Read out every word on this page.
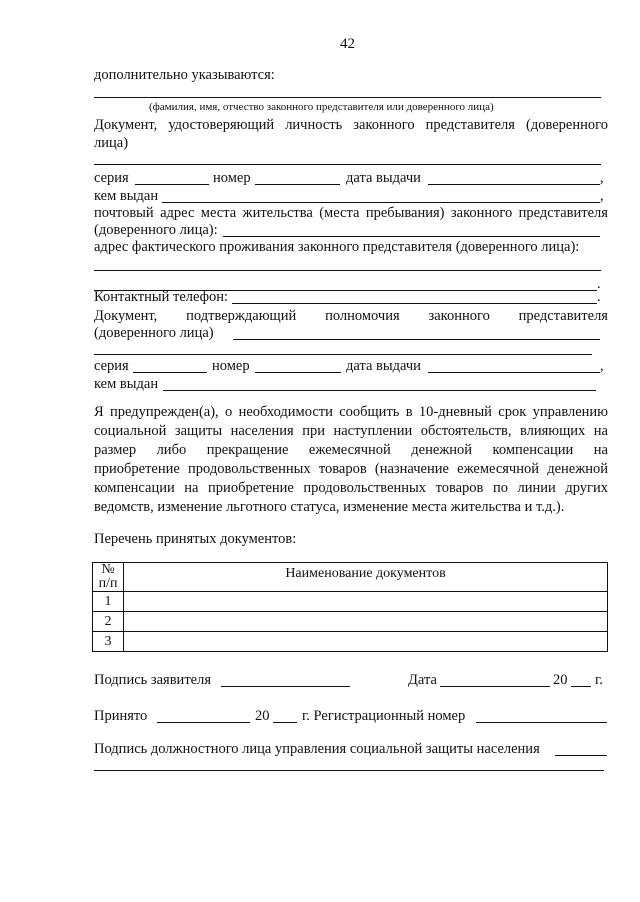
42
дополнительно указываются:
(фамилия, имя, отчество законного представителя или доверенного лица)
Документ, удостоверяющий личность законного представителя (доверенного
лица)
серия	номер	дата выдачи	,
кем выдан	,
почтовый адрес места жительства (места пребывания) законного представителя
(доверенного лица):
адрес фактического проживания законного представителя (доверенного лица):
.
Контактный телефон:	.
Документ, подтверждающий полномочия законного представителя
(доверенного лица)
серия	номер	дата выдачи	,
кем выдан
Я предупрежден(а), о необходимости сообщить в 10-дневный срок управлению
социальной защиты населения при наступлении обстоятельств, влияющих на
размер либо прекращение ежемесячной денежной компенсации на
приобретение продовольственных товаров (назначение ежемесячной денежной
компенсации на приобретение продовольственных товаров по линии других
ведомств, изменение льготного статуса, изменение места жительства и т.д.).
Перечень принятых документов:
№
п/п	Наименование документов
1	
2	
3	
Подпись заявителя	Дата	20 г.
Принято	20 г. Регистрационный номер
Подпись должностного лица управления социальной защиты населения
